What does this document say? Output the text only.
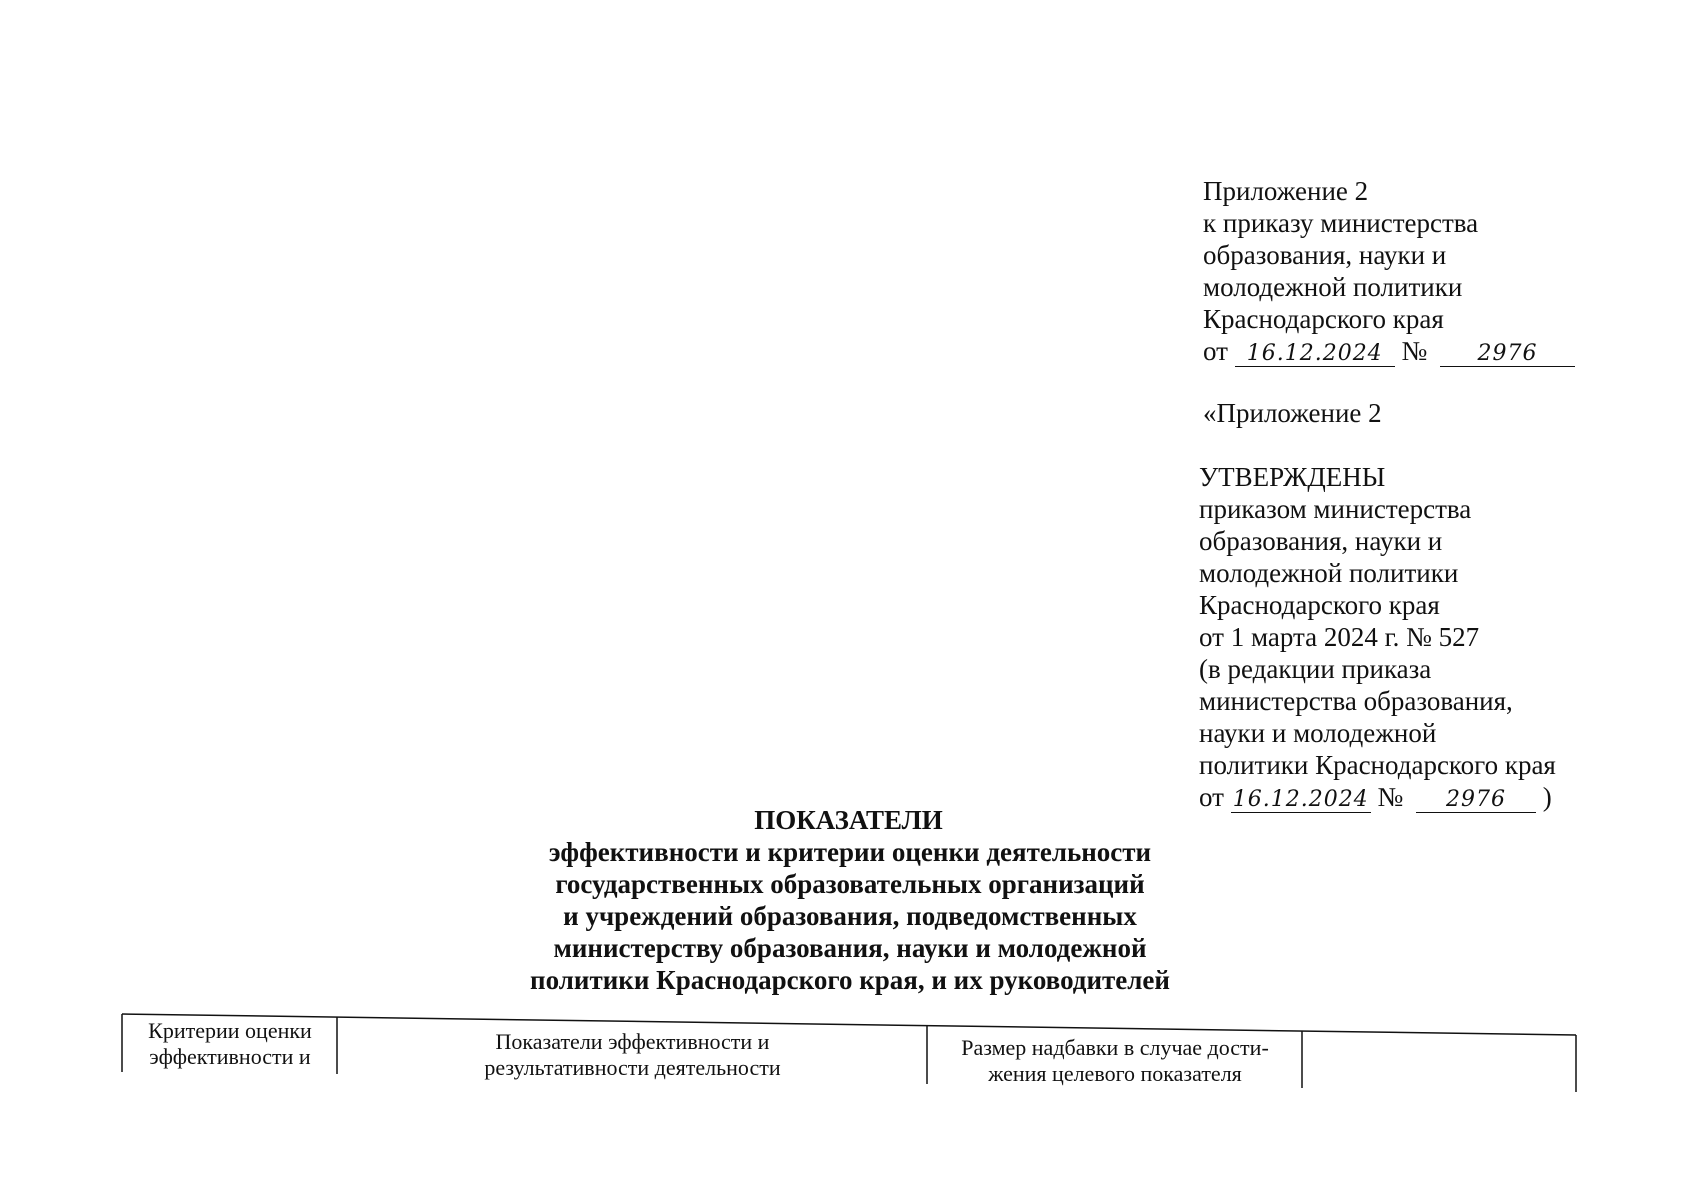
Приложение 2
к приказу министерства
образования, науки и
молодежной политики
Краснодарского края
от 16.12.2024 № 2976
«Приложение 2
УТВЕРЖДЕНЫ
приказом министерства
образования, науки и
молодежной политики
Краснодарского края
от 1 марта 2024 г. № 527
(в редакции приказа
министерства образования,
науки и молодежной
политики Краснодарского края
от 16.12.2024 № 2976 )
ПОКАЗАТЕЛИ
эффективности и критерии оценки деятельности
государственных образовательных организаций
и учреждений образования, подведомственных
министерству образования, науки и молодежной
политики Краснодарского края, и их руководителей
Критерии оценки
эффективности и
Показатели эффективности и
результативности деятельности
Размер надбавки в случае дости-
жения целевого показателя
